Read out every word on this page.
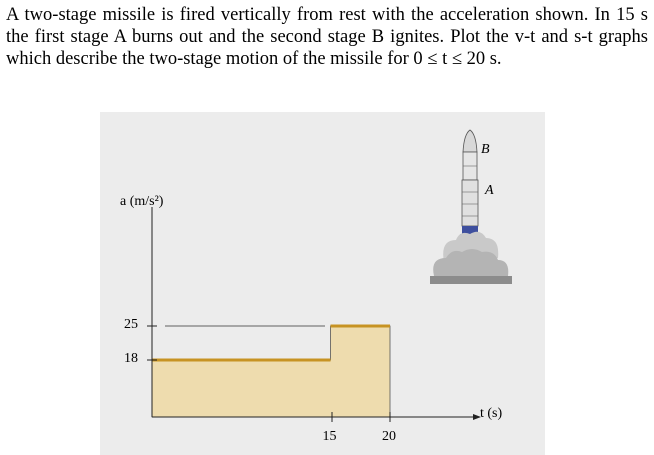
A two-stage missile is fired vertically from rest with the acceleration shown. In 15 s the first stage A burns out and the second stage B ignites. Plot the v-t and s-t graphs which describe the two-stage motion of the missile for 0 ≤ t ≤ 20 s.
B
A
a (m/s²)
t (s)
25
18
15	20
